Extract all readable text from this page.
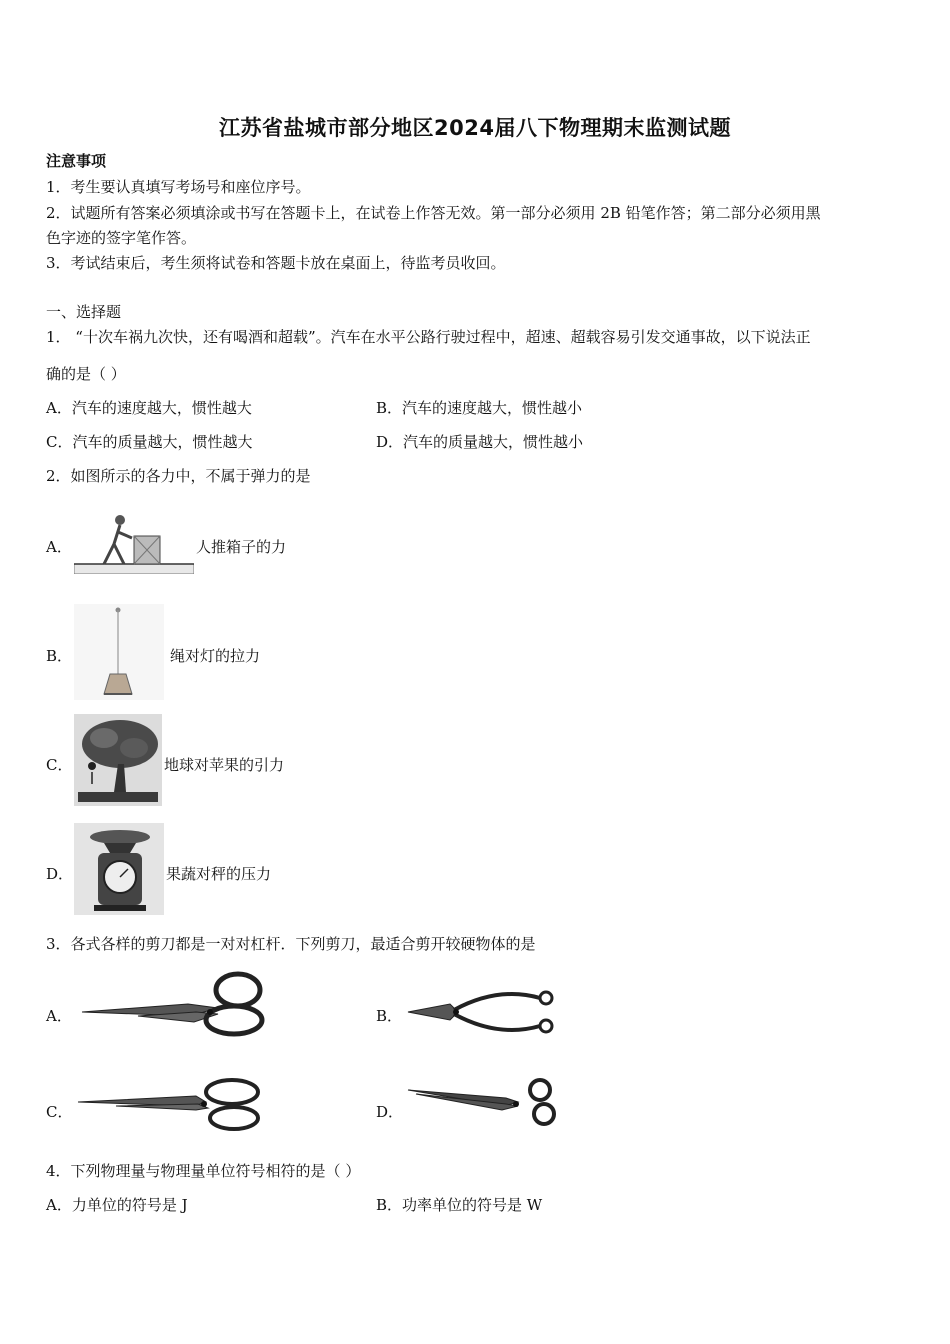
江苏省盐城市部分地区2024届八下物理期末监测试题
注意事项
1．考生要认真填写考场号和座位序号。
2．试题所有答案必须填涂或书写在答题卡上，在试卷上作答无效。第一部分必须用 2B 铅笔作答；第二部分必须用黑
色字迹的签字笔作答。
3．考试结束后，考生须将试卷和答题卡放在桌面上，待监考员收回。
一、选择题
1． “十次车祸九次快，还有喝酒和超载”。汽车在水平公路行驶过程中，超速、超载容易引发交通事故，以下说法正
确的是（ ）
A．汽车的速度越大，惯性越大	B．汽车的速度越大，惯性越小
C．汽车的质量越大，惯性越大	D．汽车的质量越大，惯性越小
2．如图所示的各力中，不属于弹力的是
A．	人推箱子的力
B．	绳对灯的拉力
C．	地球对苹果的引力
D．	果蔬对秤的压力
3．各式各样的剪刀都是一对对杠杆．下列剪刀，最适合剪开较硬物体的是
A．	B．
C．	D．
4．下列物理量与物理量单位符号相符的是（ ）
A．力单位的符号是 J	B．功率单位的符号是 W
